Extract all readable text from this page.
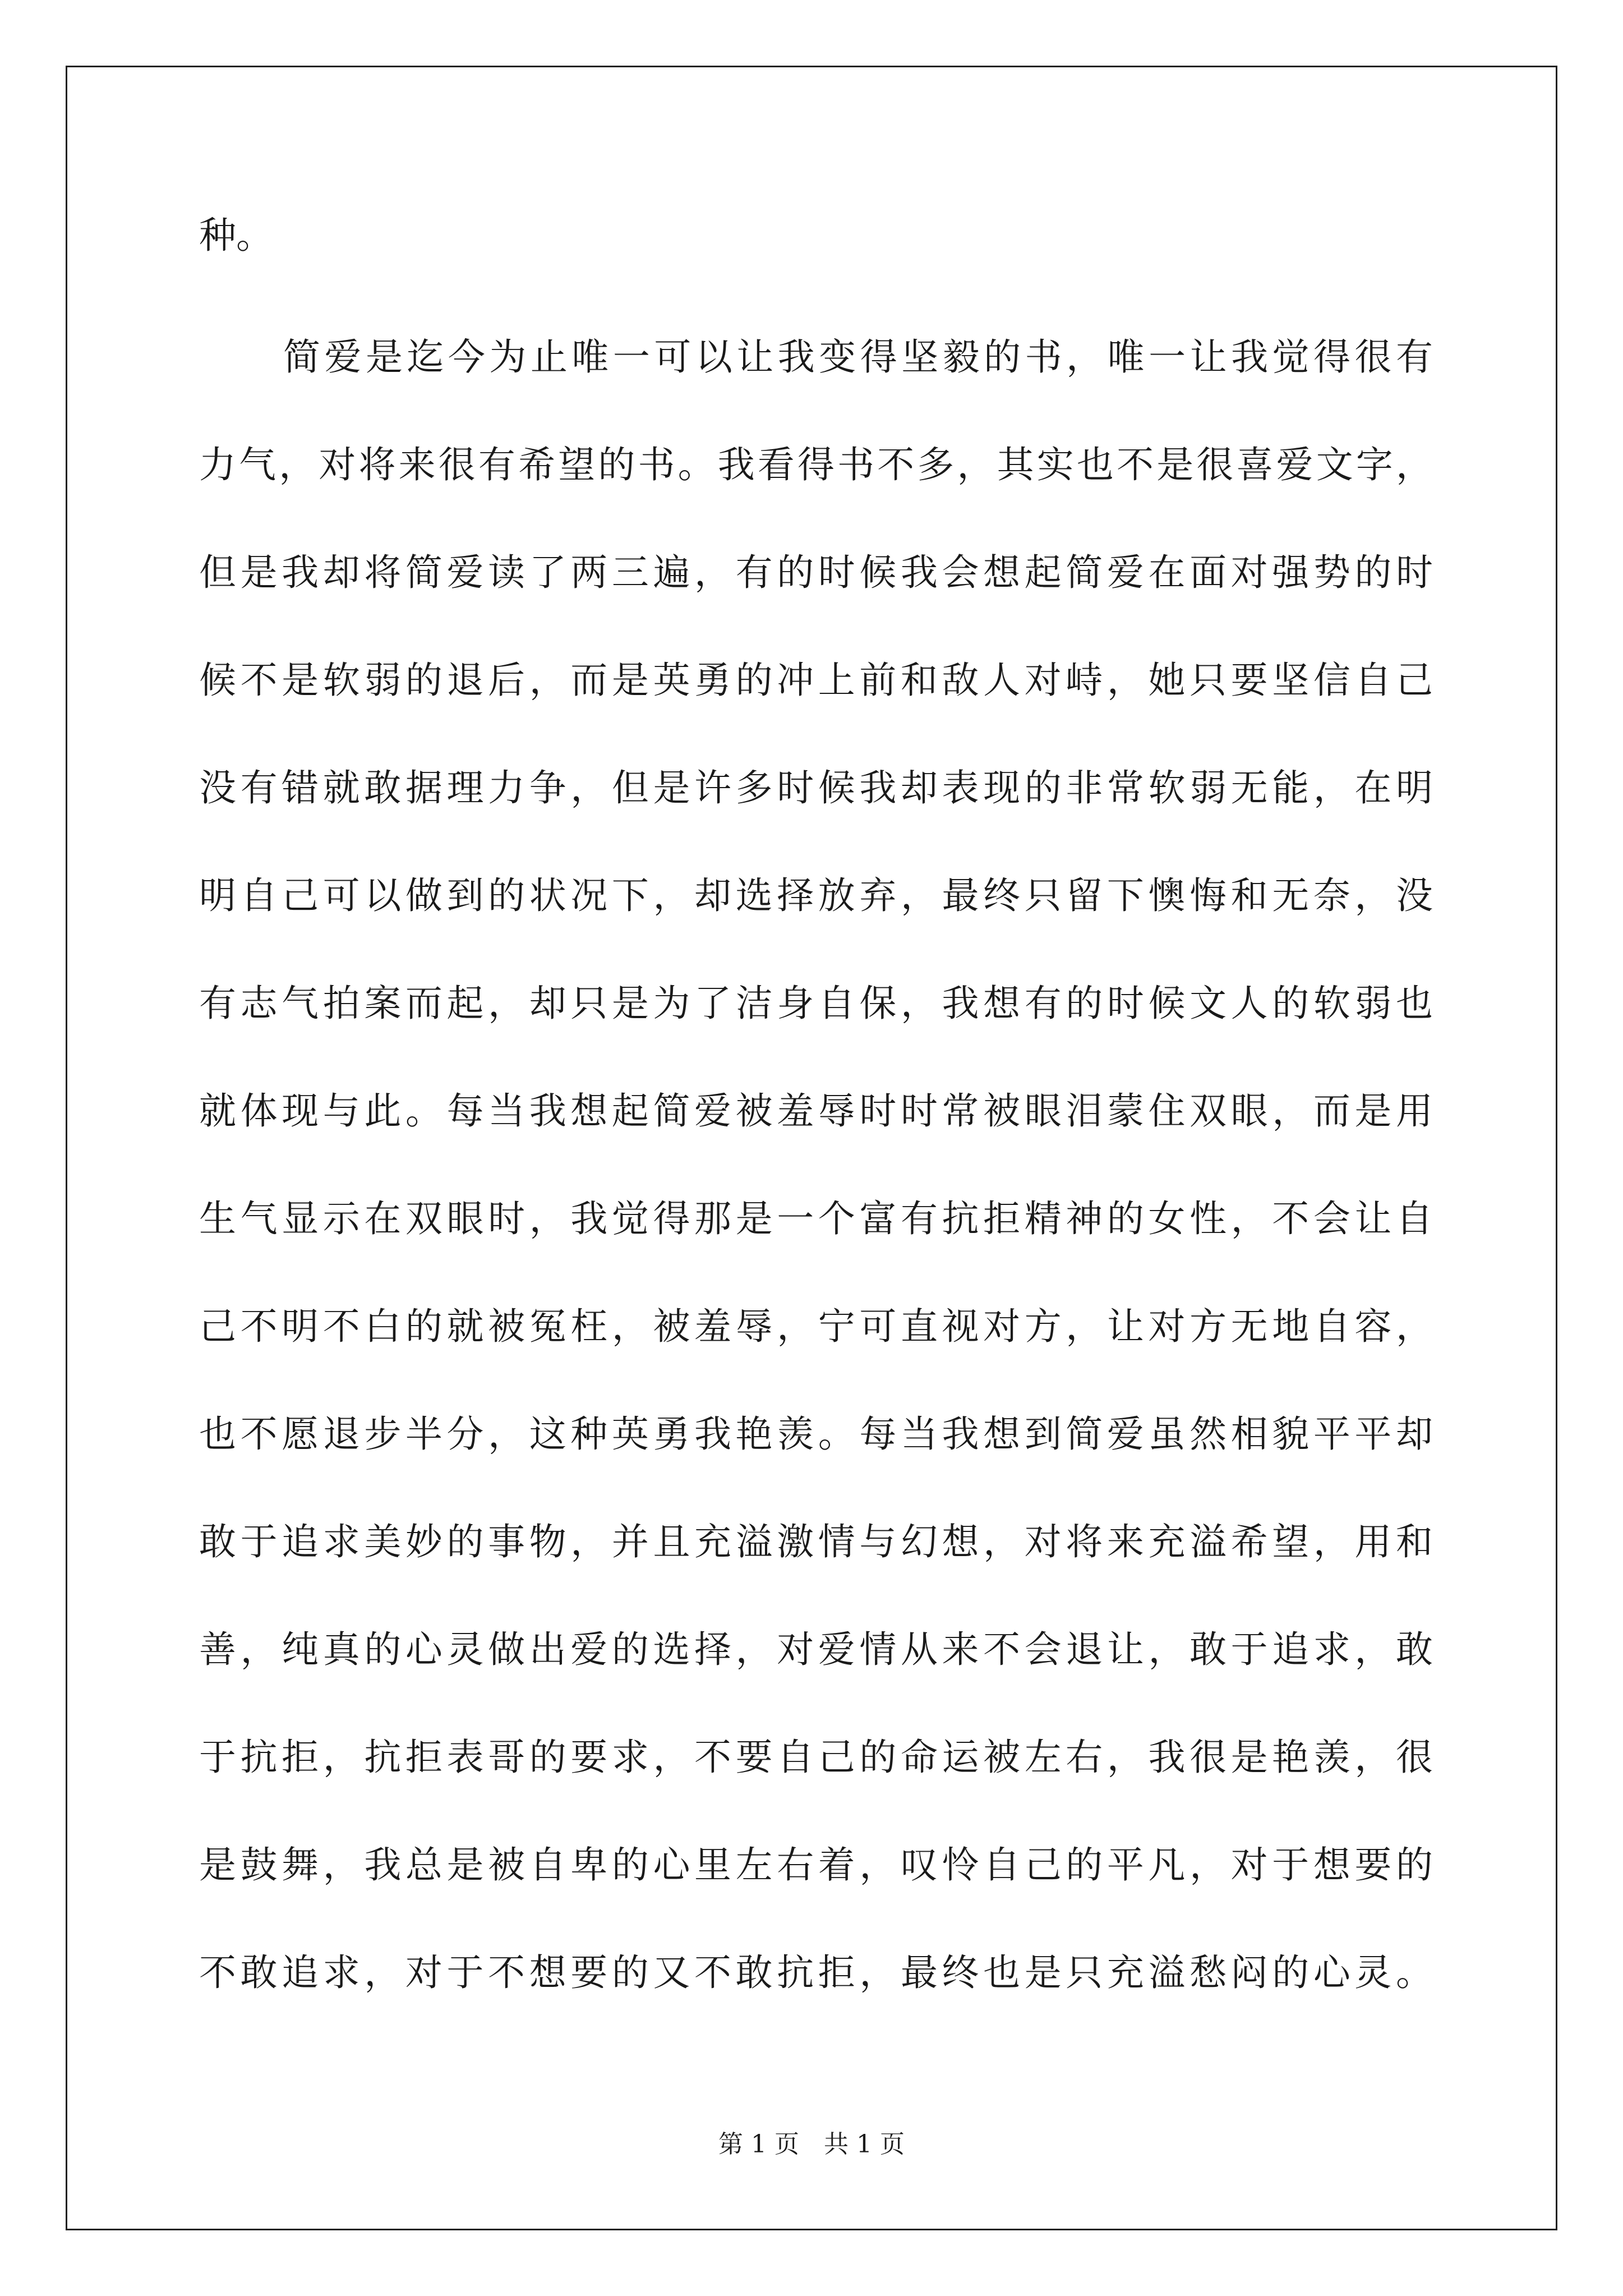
种。
简爱是迄今为止唯一可以让我变得坚毅的书，唯一让我觉得很有
力气，对将来很有希望的书。我看得书不多，其实也不是很喜爱文字，
但是我却将简爱读了两三遍，有的时候我会想起简爱在面对强势的时
候不是软弱的退后，而是英勇的冲上前和敌人对峙，她只要坚信自己
没有错就敢据理力争，但是许多时候我却表现的非常软弱无能，在明
明自己可以做到的状况下，却选择放弃，最终只留下懊悔和无奈，没
有志气拍案而起，却只是为了洁身自保，我想有的时候文人的软弱也
就体现与此。每当我想起简爱被羞辱时时常被眼泪蒙住双眼，而是用
生气显示在双眼时，我觉得那是一个富有抗拒精神的女性，不会让自
己不明不白的就被冤枉，被羞辱，宁可直视对方，让对方无地自容，
也不愿退步半分，这种英勇我艳羡。每当我想到简爱虽然相貌平平却
敢于追求美妙的事物，并且充溢激情与幻想，对将来充溢希望，用和
善，纯真的心灵做出爱的选择，对爱情从来不会退让，敢于追求，敢
于抗拒，抗拒表哥的要求，不要自己的命运被左右，我很是艳羡，很
是鼓舞，我总是被自卑的心里左右着，叹怜自己的平凡，对于想要的
不敢追求，对于不想要的又不敢抗拒，最终也是只充溢愁闷的心灵。
第 1 页　共 1 页
